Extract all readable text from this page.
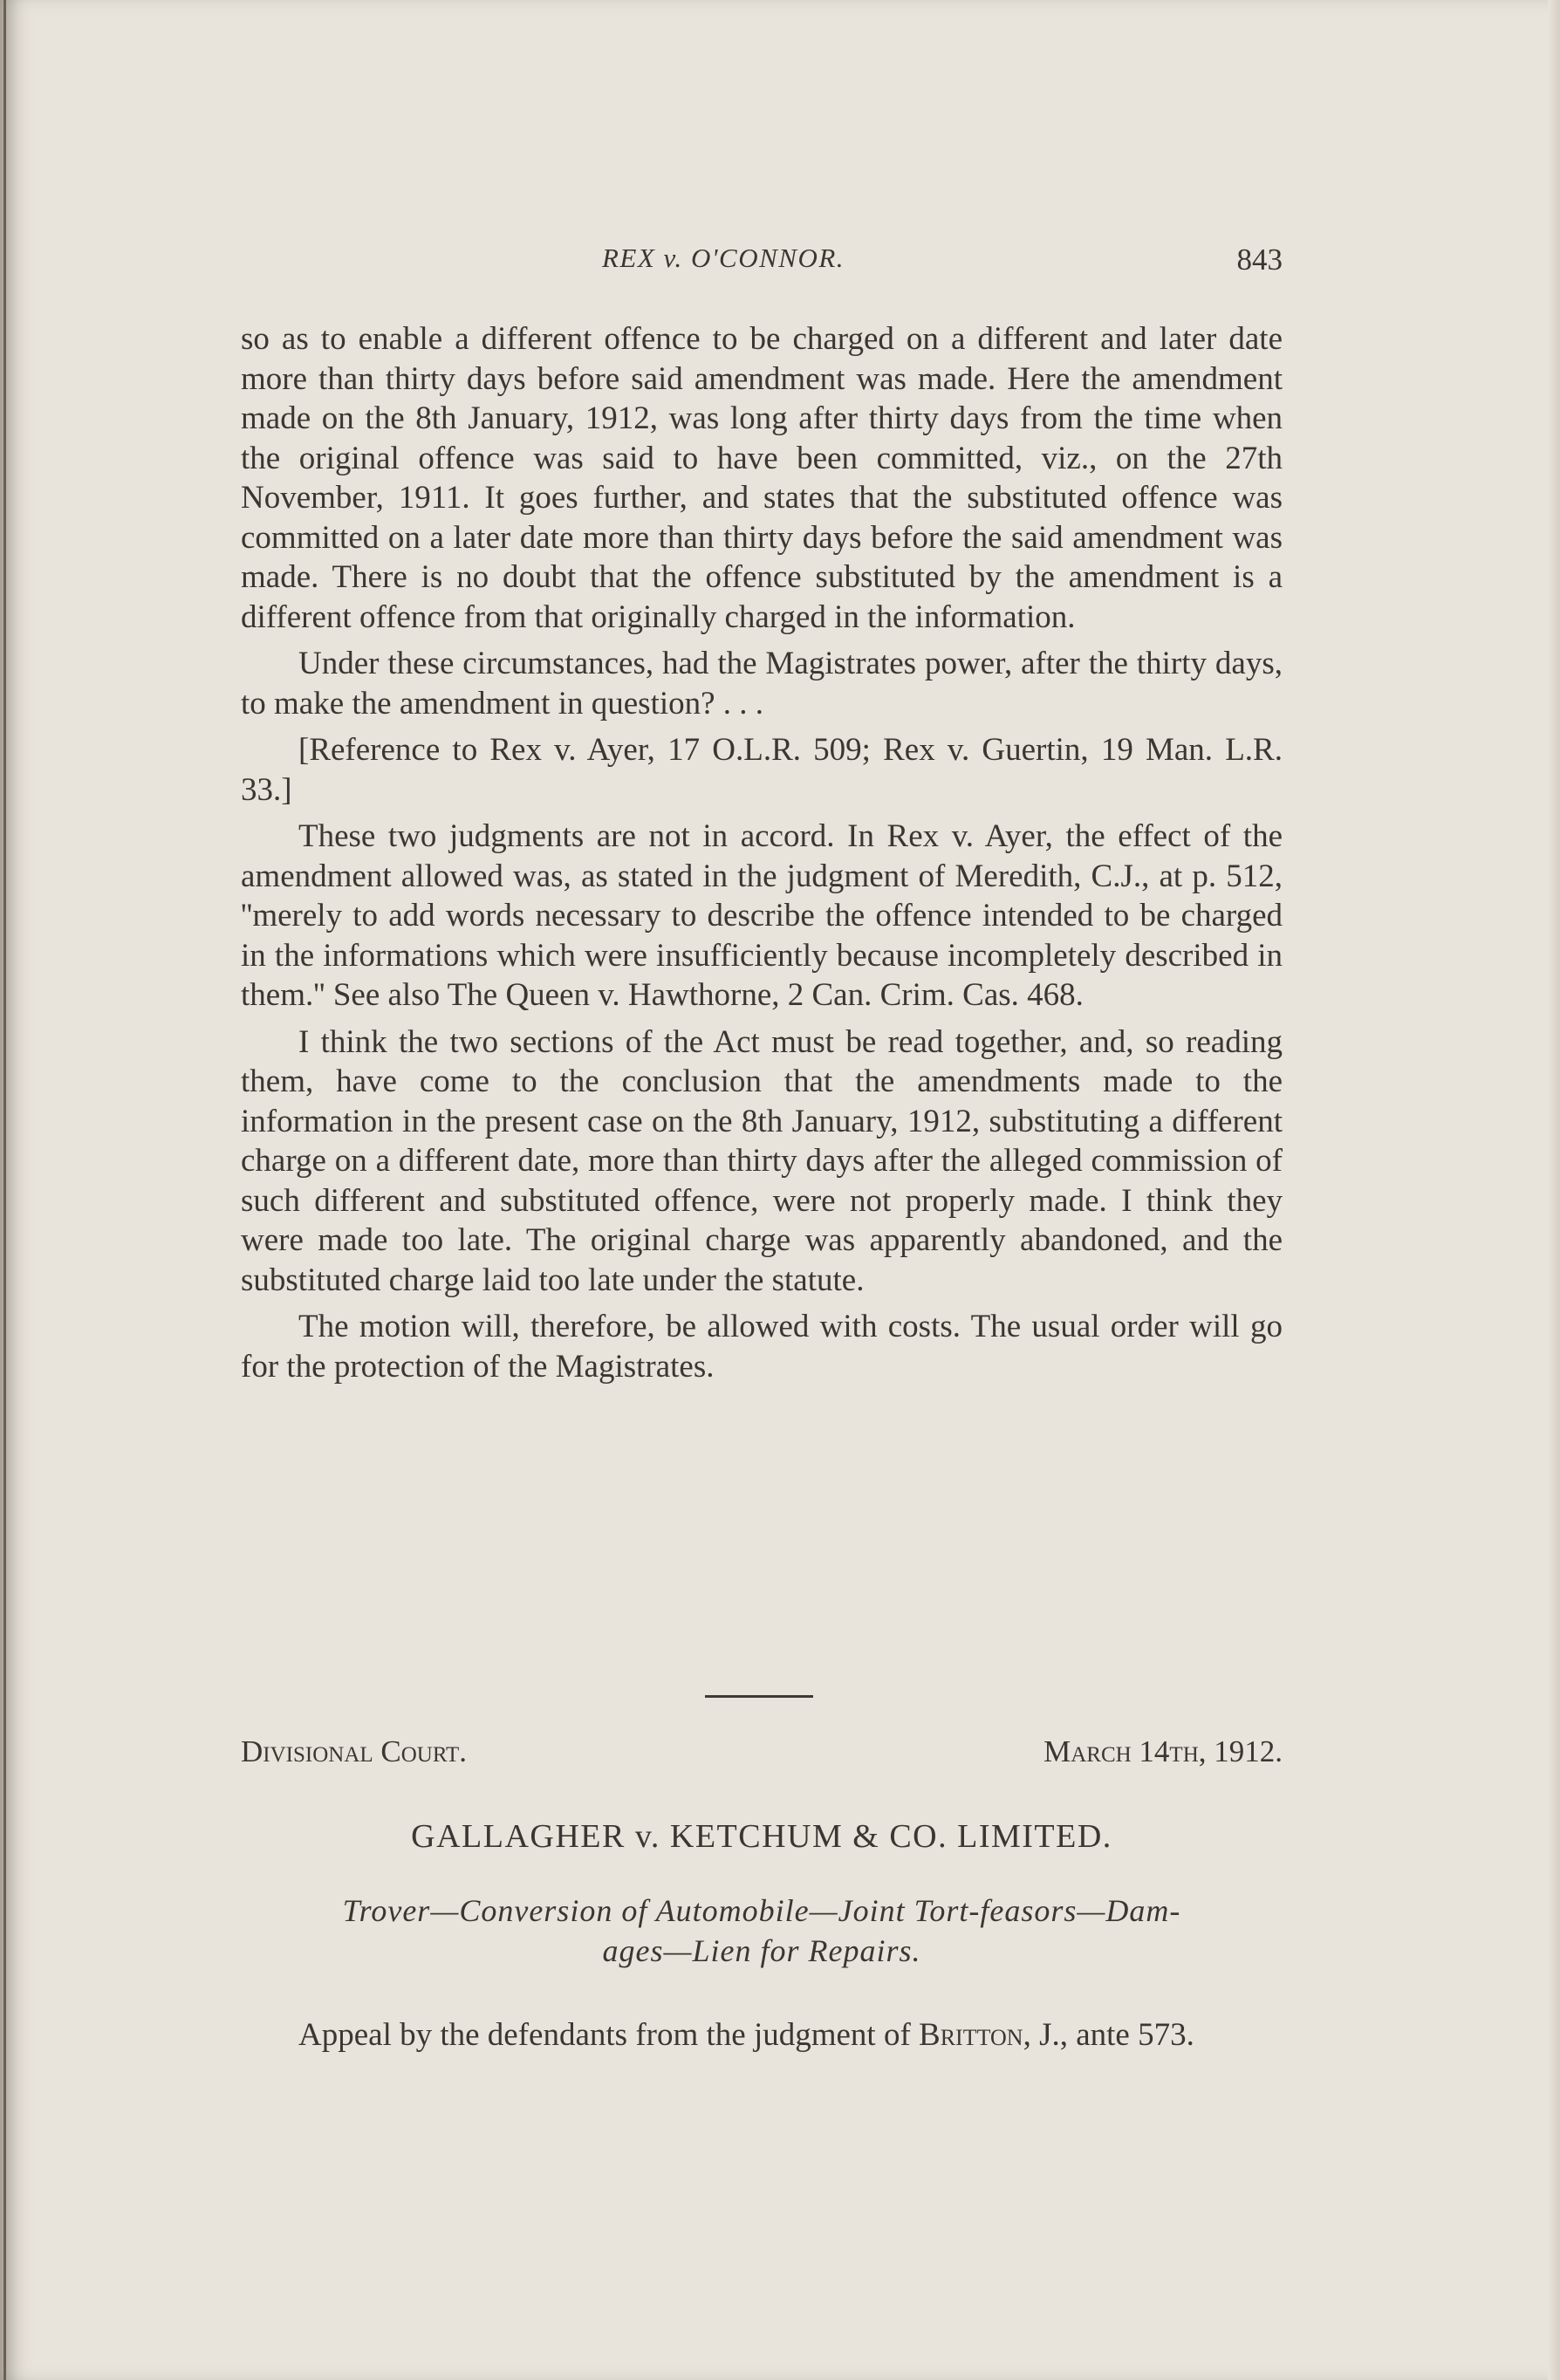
REX v. O'CONNOR.	843

so as to enable a different offence to be charged on a different and later date more than thirty days before said amendment was made. Here the amendment made on the 8th January, 1912, was long after thirty days from the time when the original offence was said to have been committed, viz., on the 27th November, 1911. It goes further, and states that the substituted offence was committed on a later date more than thirty days before the said amendment was made. There is no doubt that the offence substituted by the amendment is a different offence from that originally charged in the information.

Under these circumstances, had the Magistrates power, after the thirty days, to make the amendment in question? . . .

[Reference to Rex v. Ayer, 17 O.L.R. 509; Rex v. Guertin, 19 Man. L.R. 33.]

These two judgments are not in accord. In Rex v. Ayer, the effect of the amendment allowed was, as stated in the judgment of Meredith, C.J., at p. 512, ''merely to add words necessary to describe the offence intended to be charged in the informations which were insufficiently because incompletely described in them.'' See also The Queen v. Hawthorne, 2 Can. Crim. Cas. 468.

I think the two sections of the Act must be read together, and, so reading them, have come to the conclusion that the amendments made to the information in the present case on the 8th January, 1912, substituting a different charge on a different date, more than thirty days after the alleged commission of such different and substituted offence, were not properly made. I think they were made too late. The original charge was apparently abandoned, and the substituted charge laid too late under the statute.

The motion will, therefore, be allowed with costs. The usual order will go for the protection of the Magistrates.

Divisional Court.	March 14th, 1912.
GALLAGHER v. KETCHUM & CO. LIMITED.
Trover—Conversion of Automobile—Joint Tort-feasors—Dam-
ages—Lien for Repairs.
Appeal by the defendants from the judgment of Britton, J., ante 573.
